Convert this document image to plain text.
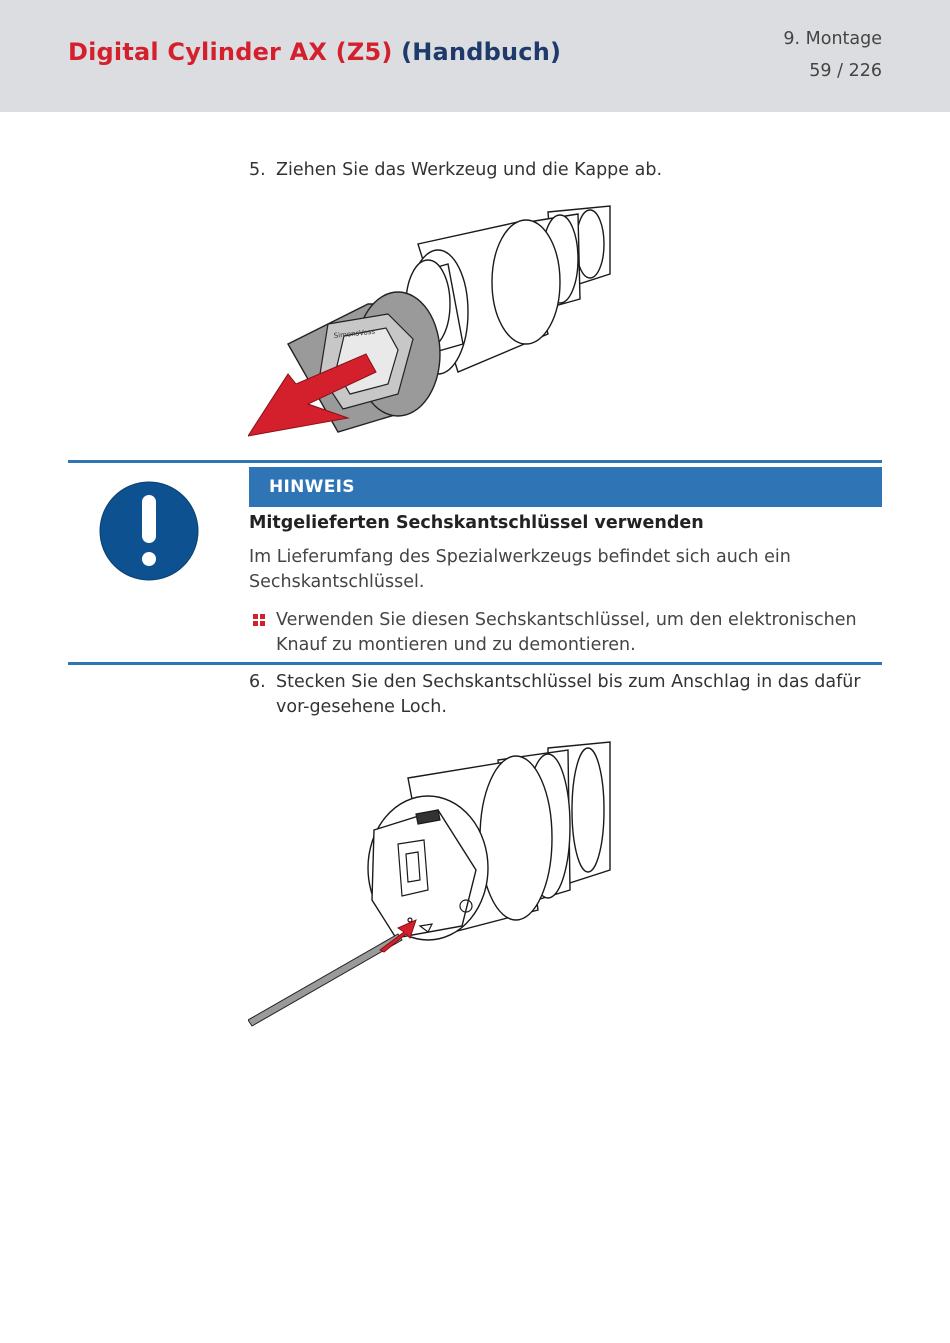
Digital Cylinder AX (Z5) (Handbuch)	9. Montage
59 / 226
5. Ziehen Sie das Werkzeug und die Kappe ab.
SimonsVoss
HINWEIS
Mitgelieferten Sechskantschlüssel verwenden
Im Lieferumfang des Spezialwerkzeugs befindet sich auch ein Sechskantschlüssel.
Verwenden Sie diesen Sechskantschlüssel, um den elektronischen Knauf zu montieren und zu demontieren.
6. Stecken Sie den Sechskantschlüssel bis zum Anschlag in das dafür vor-gesehene Loch.
